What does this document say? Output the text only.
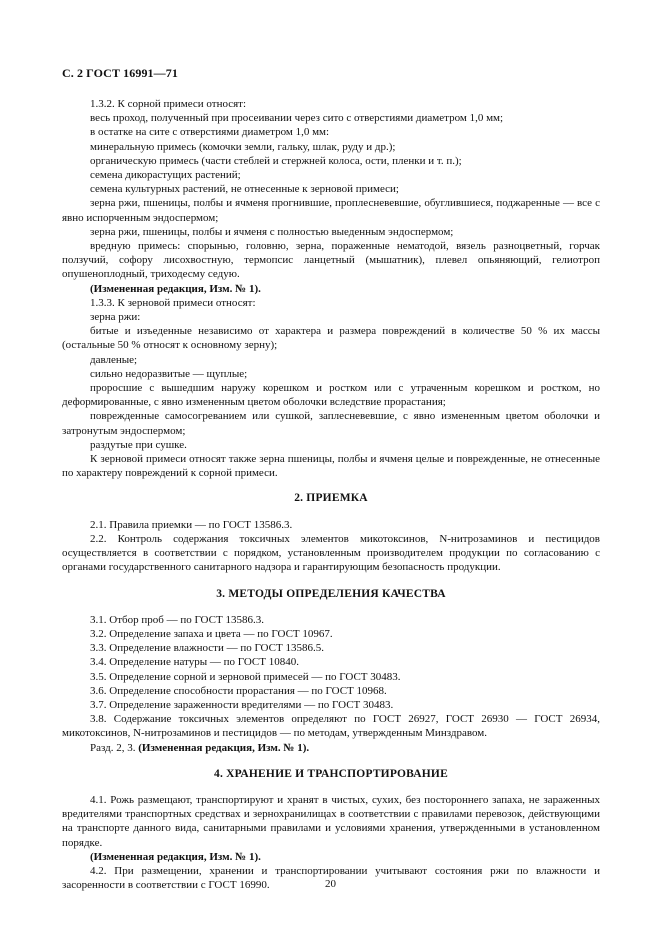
С. 2 ГОСТ 16991—71

1.3.2. К сорной примеси относят:

весь проход, полученный при просеивании через сито с отверстиями диаметром 1,0 мм;

в остатке на сите с отверстиями диаметром 1,0 мм:

минеральную примесь (комочки земли, гальку, шлак, руду и др.);

органическую примесь (части стеблей и стержней колоса, ости, пленки и т. п.);

семена дикорастущих растений;

семена культурных растений, не отнесенные к зерновой примеси;

зерна ржи, пшеницы, полбы и ячменя прогнившие, проплесневевшие, обуглившиеся, поджаренные — все с явно испорченным эндоспермом;

зерна ржи, пшеницы, полбы и ячменя с полностью выеденным эндоспермом;

вредную примесь: спорынью, головню, зерна, пораженные нематодой, вязель разноцветный, горчак ползучий, софору лисохвостную, термопсис ланцетный (мышатник), плевел опьяняющий, гелиотроп опушеноплодный, триходесму седую.

(Измененная редакция, Изм. № 1).

1.3.3. К зерновой примеси относят:

зерна ржи:

битые и изъеденные независимо от характера и размера повреждений в количестве 50 % их массы (остальные 50 % относят к основному зерну);

давленые;

сильно недоразвитые — щуплые;

проросшие с вышедшим наружу корешком и ростком или с утраченным корешком и ростком, но деформированные, с явно измененным цветом оболочки вследствие прорастания;

поврежденные самосогреванием или сушкой, заплесневевшие, с явно измененным цветом оболочки и затронутым эндоспермом;

раздутые при сушке.

К зерновой примеси относят также зерна пшеницы, полбы и ячменя целые и поврежденные, не отнесенные по характеру повреждений к сорной примеси.

2. ПРИЕМКА

2.1. Правила приемки — по ГОСТ 13586.3.

2.2. Контроль содержания токсичных элементов микотоксинов, N-нитрозаминов и пестицидов осуществляется в соответствии с порядком, установленным производителем продукции по согласованию с органами государственного санитарного надзора и гарантирующим безопасность продукции.

3. МЕТОДЫ ОПРЕДЕЛЕНИЯ КАЧЕСТВА

3.1. Отбор проб — по ГОСТ 13586.3.

3.2. Определение запаха и цвета — по ГОСТ 10967.

3.3. Определение влажности — по ГОСТ 13586.5.

3.4. Определение натуры — по ГОСТ 10840.

3.5. Определение сорной и зерновой примесей — по ГОСТ 30483.

3.6. Определение способности прорастания — по ГОСТ 10968.

3.7. Определение зараженности вредителями — по ГОСТ 30483.

3.8. Содержание токсичных элементов определяют по ГОСТ 26927, ГОСТ 26930 — ГОСТ 26934, микотоксинов, N-нитрозаминов и пестицидов — по методам, утвержденным Минздравом.

Разд. 2, 3. (Измененная редакция, Изм. № 1).

4. ХРАНЕНИЕ И ТРАНСПОРТИРОВАНИЕ

4.1. Рожь размещают, транспортируют и хранят в чистых, сухих, без постороннего запаха, не зараженных вредителями транспортных средствах и зернохранилищах в соответствии с правилами перевозок, действующими на транспорте данного вида, санитарными правилами и условиями хранения, утвержденными в установленном порядке.

(Измененная редакция, Изм. № 1).

4.2. При размещении, хранении и транспортировании учитывают состояния ржи по влажности и засоренности в соответствии с ГОСТ 16990.	20
